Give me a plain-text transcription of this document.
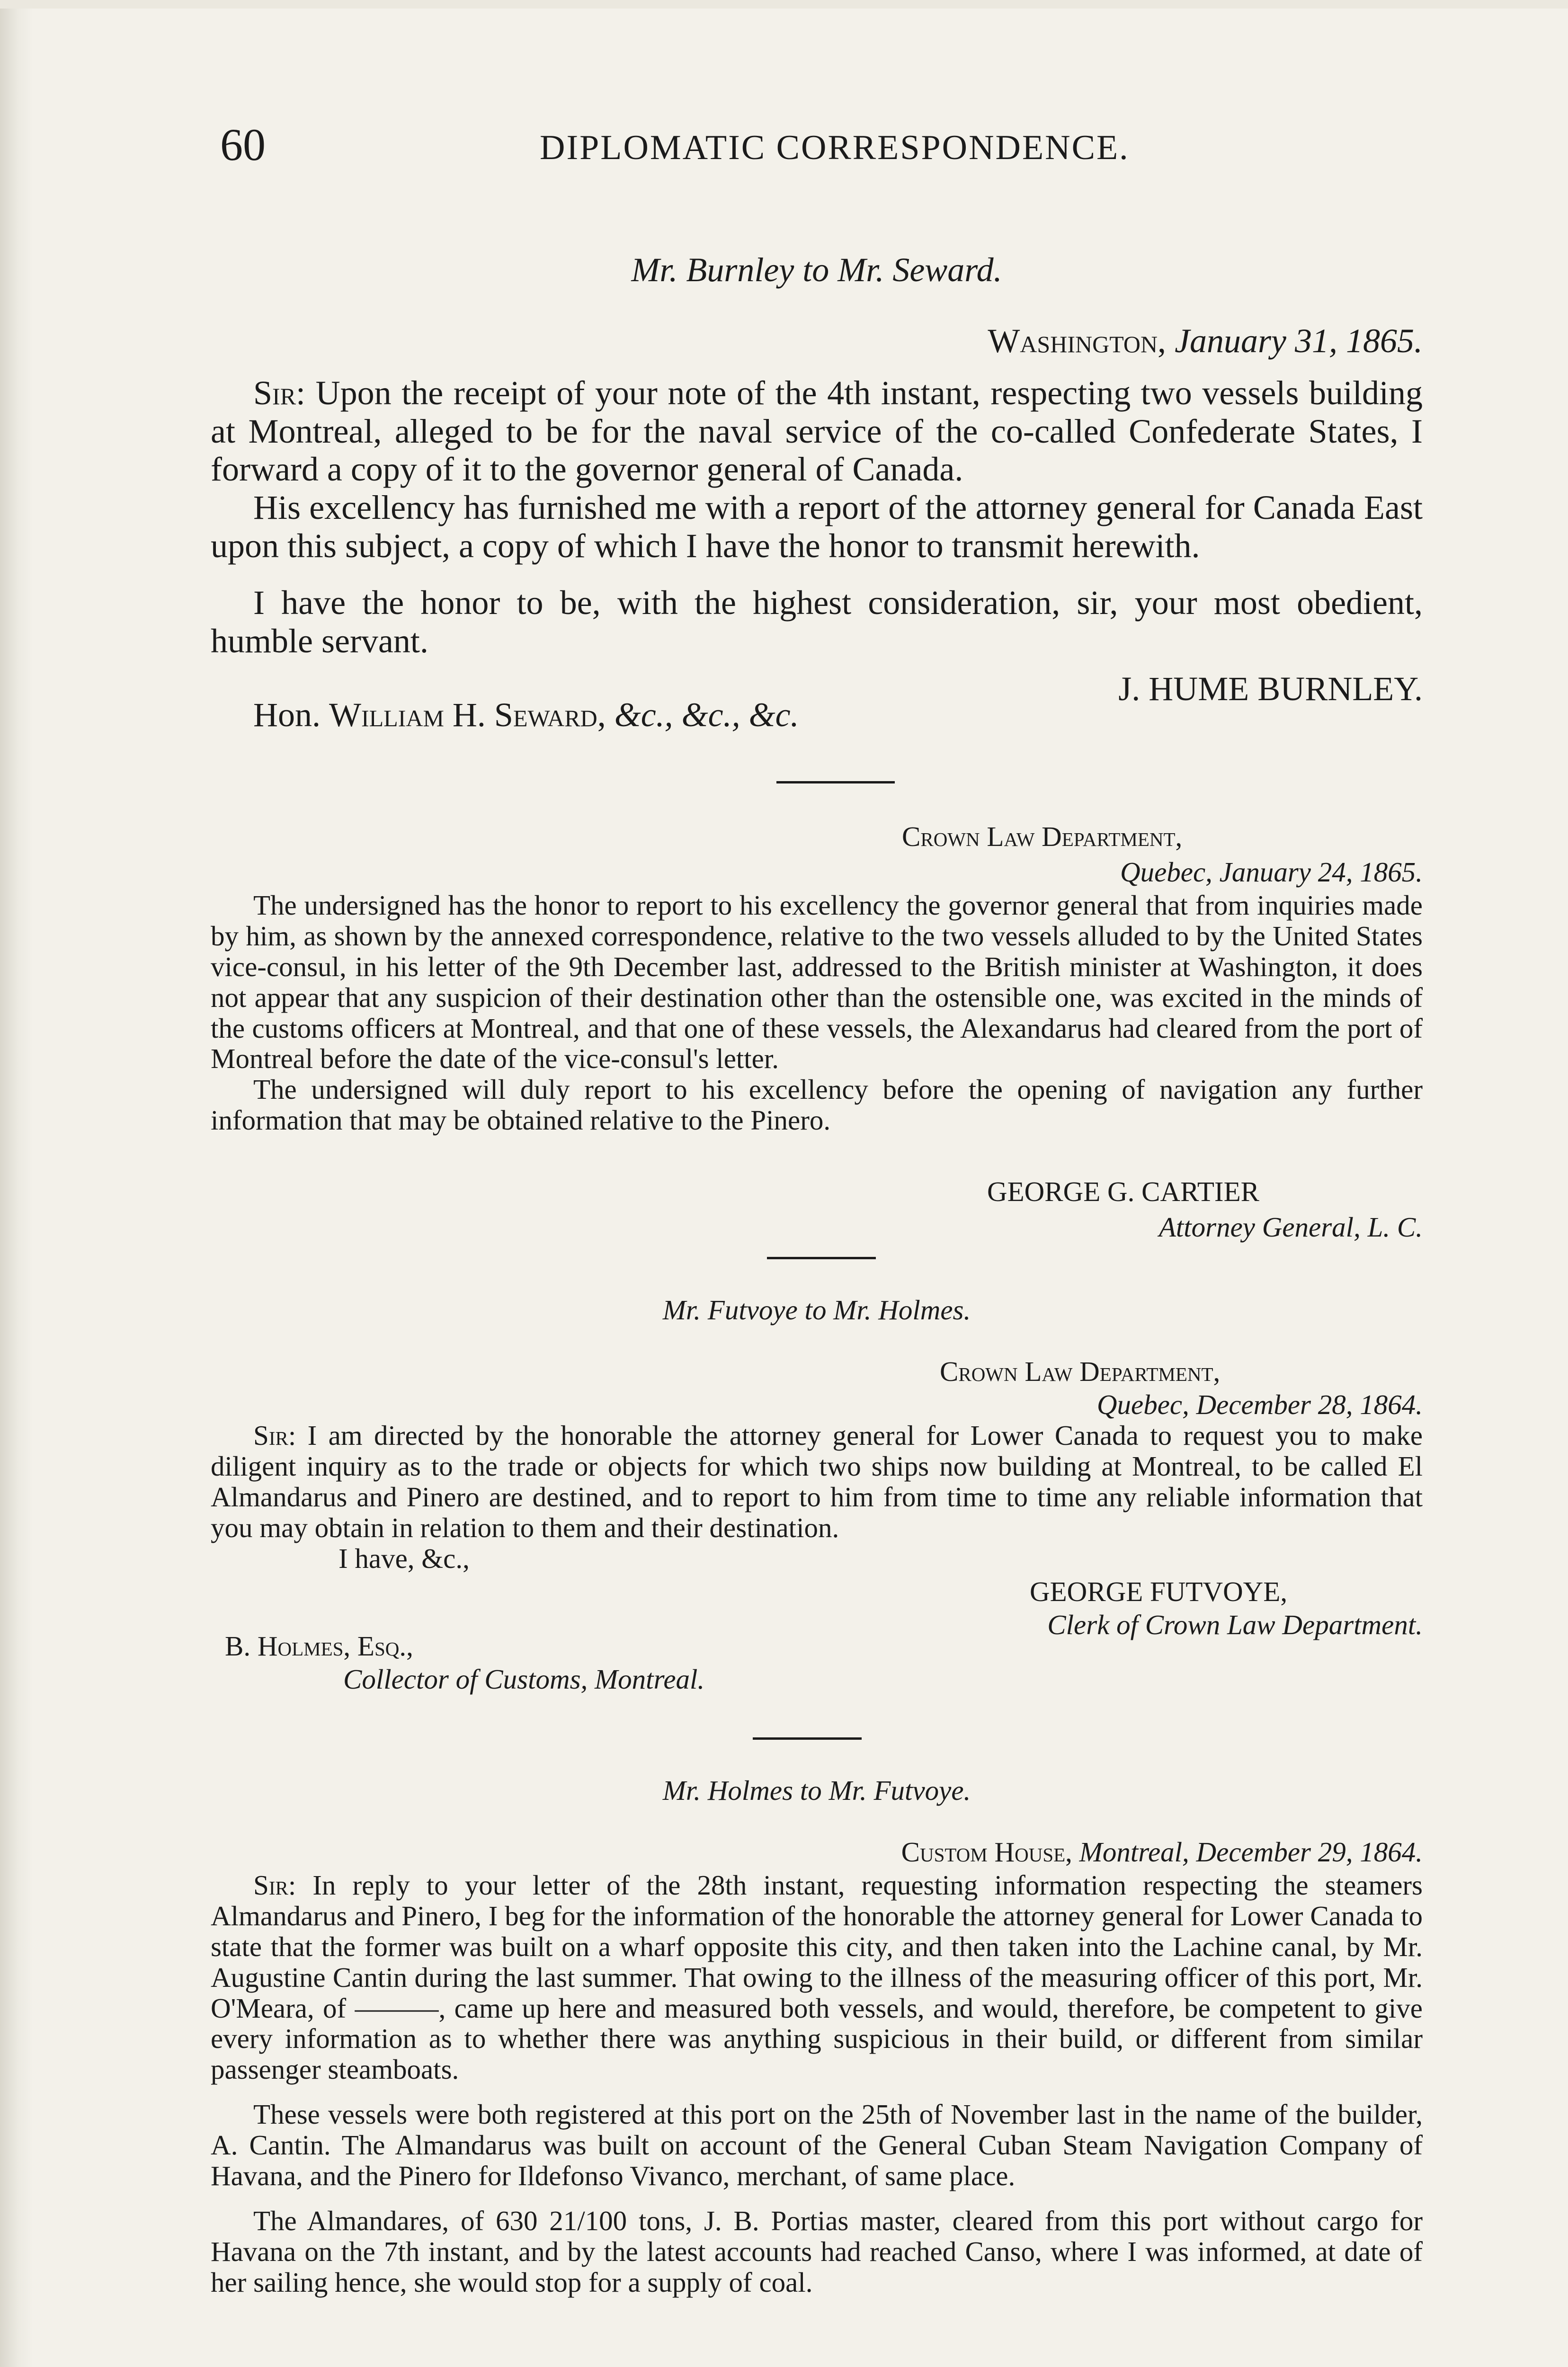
60	DIPLOMATIC CORRESPONDENCE.
Mr. Burnley to Mr. Seward.
Washington, January 31, 1865.

Sir: Upon the receipt of your note of the 4th instant, respecting two vessels building at Montreal, alleged to be for the naval service of the co-called Confederate States, I forward a copy of it to the governor general of Canada.

His excellency has furnished me with a report of the attorney general for Canada East upon this subject, a copy of which I have the honor to transmit herewith.

I have the honor to be, with the highest consideration, sir, your most obedient, humble servant.

J. HUME BURNLEY.
Hon. William H. Seward, &c., &c., &c.
Crown Law Department,
Quebec, January 24, 1865.

The undersigned has the honor to report to his excellency the governor general that from inquiries made by him, as shown by the annexed correspondence, relative to the two vessels alluded to by the United States vice-consul, in his letter of the 9th December last, addressed to the British minister at Washington, it does not appear that any suspicion of their destination other than the ostensible one, was excited in the minds of the customs officers at Montreal, and that one of these vessels, the Alexandarus had cleared from the port of Montreal before the date of the vice-consul's letter.

The undersigned will duly report to his excellency before the opening of navigation any further information that may be obtained relative to the Pinero.

GEORGE G. CARTIER
Attorney General, L. C.
Mr. Futvoye to Mr. Holmes.
Crown Law Department,
Quebec, December 28, 1864.

Sir: I am directed by the honorable the attorney general for Lower Canada to request you to make diligent inquiry as to the trade or objects for which two ships now building at Montreal, to be called El Almandarus and Pinero are destined, and to report to him from time to time any reliable information that you may obtain in relation to them and their destination.

I have, &c.,
GEORGE FUTVOYE,
Clerk of Crown Law Department.
B. Holmes, Esq.,
Collector of Customs, Montreal.
Mr. Holmes to Mr. Futvoye.
Custom House, Montreal, December 29, 1864.

Sir: In reply to your letter of the 28th instant, requesting information respecting the steamers Almandarus and Pinero, I beg for the information of the honorable the attorney general for Lower Canada to state that the former was built on a wharf opposite this city, and then taken into the Lachine canal, by Mr. Augustine Cantin during the last summer. That owing to the illness of the measuring officer of this port, Mr. O'Meara, of ———, came up here and measured both vessels, and would, therefore, be competent to give every information as to whether there was anything suspicious in their build, or different from similar passenger steamboats.

These vessels were both registered at this port on the 25th of November last in the name of the builder, A. Cantin. The Almandarus was built on account of the General Cuban Steam Navigation Company of Havana, and the Pinero for Ildefonso Vivanco, merchant, of same place.

The Almandares, of 630 21/100 tons, J. B. Portias master, cleared from this port without cargo for Havana on the 7th instant, and by the latest accounts had reached Canso, where I was informed, at date of her sailing hence, she would stop for a supply of coal.
